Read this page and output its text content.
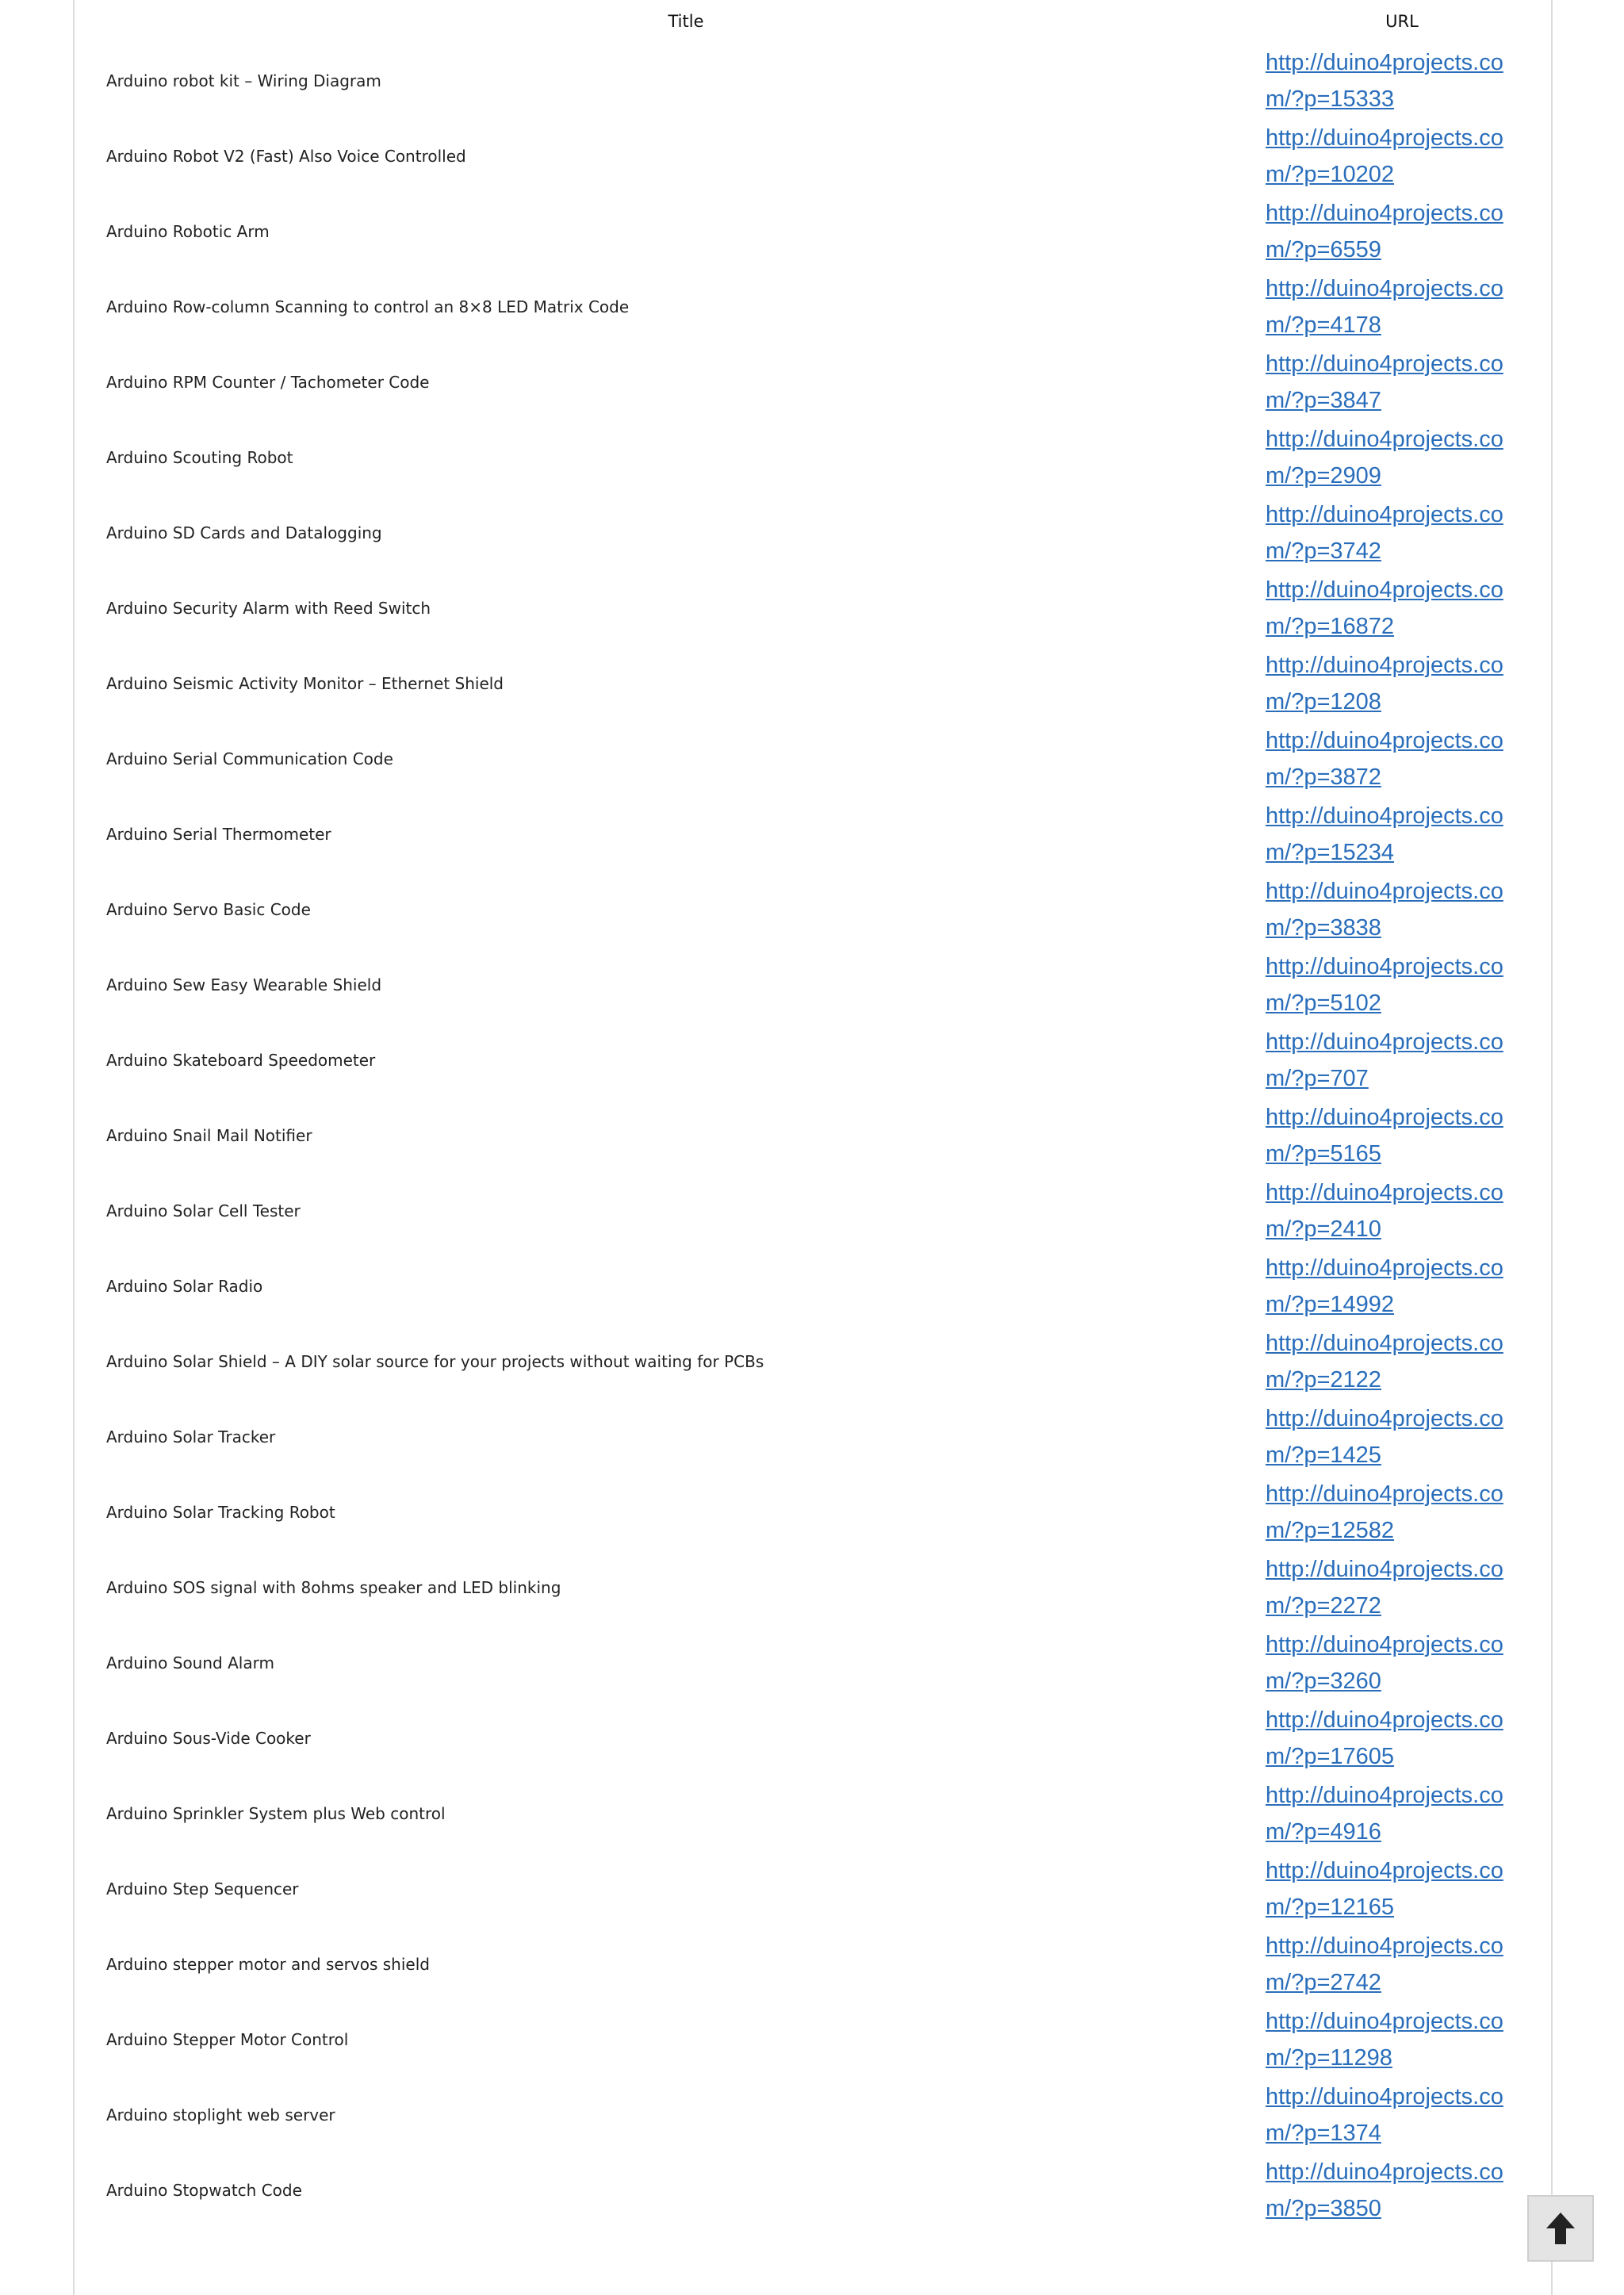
Title	URL
Arduino robot kit – Wiring Diagram	http://duino4projects.com/?p=15333

Arduino Robot V2 (Fast) Also Voice Controlled	http://duino4projects.com/?p=10202

Arduino Robotic Arm	http://duino4projects.com/?p=6559

Arduino Row-column Scanning to control an 8×8 LED Matrix Code	http://duino4projects.com/?p=4178

Arduino RPM Counter / Tachometer Code	http://duino4projects.com/?p=3847

Arduino Scouting Robot	http://duino4projects.com/?p=2909

Arduino SD Cards and Datalogging	http://duino4projects.com/?p=3742

Arduino Security Alarm with Reed Switch	http://duino4projects.com/?p=16872

Arduino Seismic Activity Monitor – Ethernet Shield	http://duino4projects.com/?p=1208

Arduino Serial Communication Code	http://duino4projects.com/?p=3872

Arduino Serial Thermometer	http://duino4projects.com/?p=15234

Arduino Servo Basic Code	http://duino4projects.com/?p=3838

Arduino Sew Easy Wearable Shield	http://duino4projects.com/?p=5102

Arduino Skateboard Speedometer	http://duino4projects.com/?p=707

Arduino Snail Mail Notifier	http://duino4projects.com/?p=5165

Arduino Solar Cell Tester	http://duino4projects.com/?p=2410

Arduino Solar Radio	http://duino4projects.com/?p=14992

Arduino Solar Shield – A DIY solar source for your projects without waiting for PCBs	http://duino4projects.com/?p=2122

Arduino Solar Tracker	http://duino4projects.com/?p=1425

Arduino Solar Tracking Robot	http://duino4projects.com/?p=12582

Arduino SOS signal with 8ohms speaker and LED blinking	http://duino4projects.com/?p=2272

Arduino Sound Alarm	http://duino4projects.com/?p=3260

Arduino Sous-Vide Cooker	http://duino4projects.com/?p=17605

Arduino Sprinkler System plus Web control	http://duino4projects.com/?p=4916

Arduino Step Sequencer	http://duino4projects.com/?p=12165

Arduino stepper motor and servos shield	http://duino4projects.com/?p=2742

Arduino Stepper Motor Control	http://duino4projects.com/?p=11298

Arduino stoplight web server	http://duino4projects.com/?p=1374

Arduino Stopwatch Code	http://duino4projects.com/?p=3850
